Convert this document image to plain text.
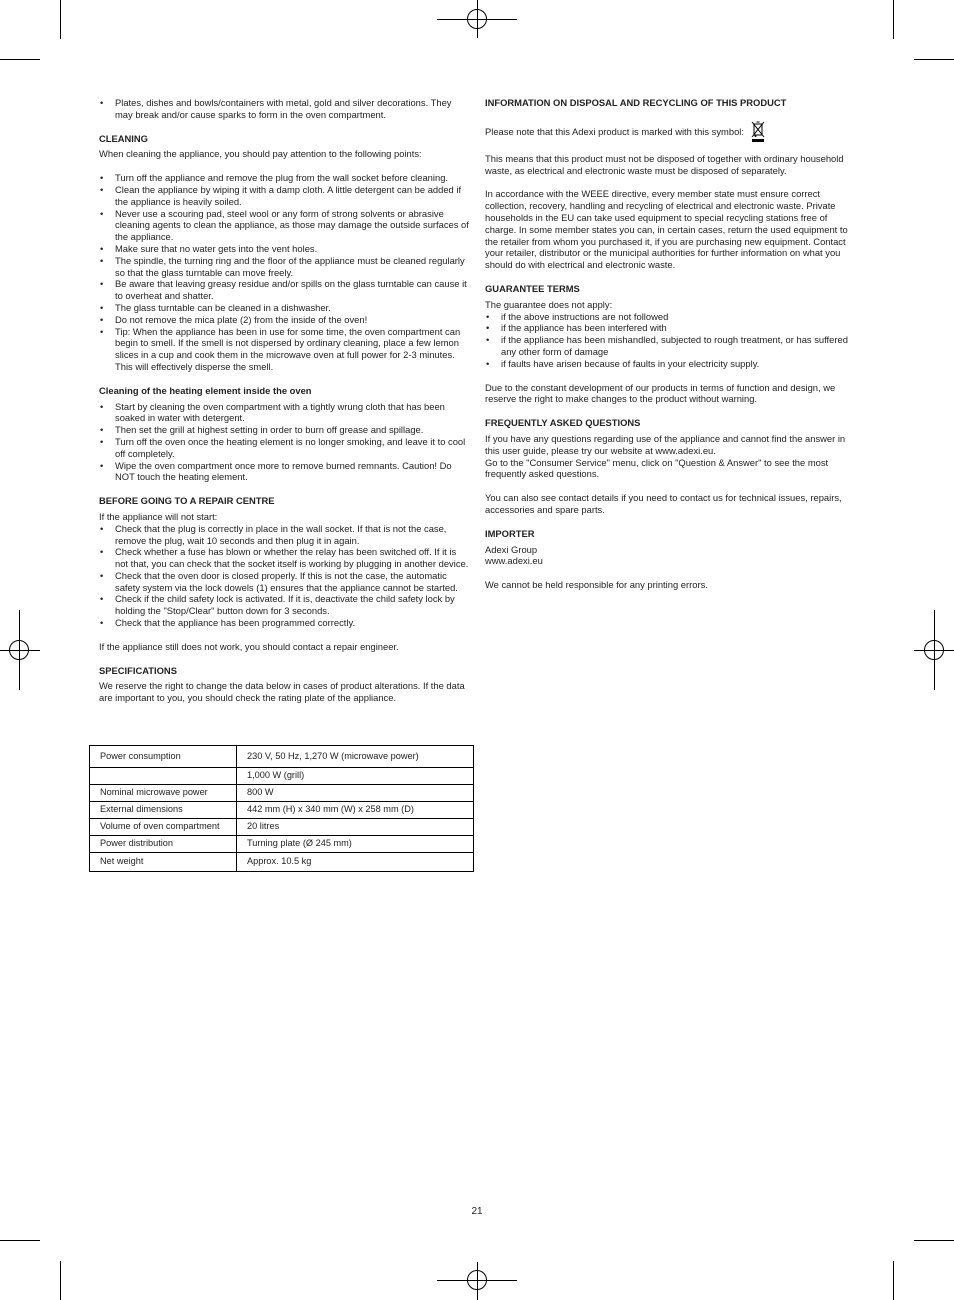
• Plates, dishes and bowls/containers with metal, gold and silver decorations. They may break and/or cause sparks to form in the oven compartment.

CLEANING

When cleaning the appliance, you should pay attention to the following points:

• Turn off the appliance and remove the plug from the wall socket before cleaning.
• Clean the appliance by wiping it with a damp cloth. A little detergent can be added if the appliance is heavily soiled.
• Never use a scouring pad, steel wool or any form of strong solvents or abrasive cleaning agents to clean the appliance, as those may damage the outside surfaces of the appliance.
• Make sure that no water gets into the vent holes.
• The spindle, the turning ring and the floor of the appliance must be cleaned regularly so that the glass turntable can move freely.
• Be aware that leaving greasy residue and/or spills on the glass turntable can cause it to overheat and shatter.
• The glass turntable can be cleaned in a dishwasher.
• Do not remove the mica plate (2) from the inside of the oven!
• Tip: When the appliance has been in use for some time, the oven compartment can begin to smell. If the smell is not dispersed by ordinary cleaning, place a few lemon slices in a cup and cook them in the microwave oven at full power for 2-3 minutes. This will effectively disperse the smell.

Cleaning of the heating element inside the oven

• Start by cleaning the oven compartment with a tightly wrung cloth that has been soaked in water with detergent.
• Then set the grill at highest setting in order to burn off grease and spillage.
• Turn off the oven once the heating element is no longer smoking, and leave it to cool off completely.
• Wipe the oven compartment once more to remove burned remnants. Caution! Do NOT touch the heating element.

BEFORE GOING TO A REPAIR CENTRE

If the appliance will not start:

• Check that the plug is correctly in place in the wall socket. If that is not the case, remove the plug, wait 10 seconds and then plug it in again.
• Check whether a fuse has blown or whether the relay has been switched off. If it is not that, you can check that the socket itself is working by plugging in another device.
• Check that the oven door is closed properly. If this is not the case, the automatic safety system via the lock dowels (1) ensures that the appliance cannot be started.
• Check if the child safety lock is activated. If it is, deactivate the child safety lock by holding the "Stop/Clear" button down for 3 seconds.
• Check that the appliance has been programmed correctly.

If the appliance still does not work, you should contact a repair engineer.

SPECIFICATIONS

We reserve the right to change the data below in cases of product alterations. If the data are important to you, you should check the rating plate of the appliance.

Power consumption	230 V, 50 Hz, 1,270 W (microwave power)
	1,000 W (grill)
Nominal microwave power	800 W
External dimensions	442 mm (H) x 340 mm (W) x 258 mm (D)
Volume of oven compartment	20 litres
Power distribution	Turning plate (Ø 245 mm)
Net weight	Approx. 10.5 kg

INFORMATION ON DISPOSAL AND RECYCLING OF THIS PRODUCT

Please note that this Adexi product is marked with this symbol:

This means that this product must not be disposed of together with ordinary household waste, as electrical and electronic waste must be disposed of separately.

In accordance with the WEEE directive, every member state must ensure correct collection, recovery, handling and recycling of electrical and electronic waste. Private households in the EU can take used equipment to special recycling stations free of charge. In some member states you can, in certain cases, return the used equipment to the retailer from whom you purchased it, if you are purchasing new equipment. Contact your retailer, distributor or the municipal authorities for further information on what you should do with electrical and electronic waste.

GUARANTEE TERMS

The guarantee does not apply:

• if the above instructions are not followed
• if the appliance has been interfered with
• if the appliance has been mishandled, subjected to rough treatment, or has suffered any other form of damage
• if faults have arisen because of faults in your electricity supply.

Due to the constant development of our products in terms of function and design, we reserve the right to make changes to the product without warning.

FREQUENTLY ASKED QUESTIONS

If you have any questions regarding use of the appliance and cannot find the answer in this user guide, please try our website at www.adexi.eu.

Go to the "Consumer Service" menu, click on "Question & Answer" to see the most frequently asked questions.

You can also see contact details if you need to contact us for technical issues, repairs, accessories and spare parts.

IMPORTER

Adexi Group

www.adexi.eu

We cannot be held responsible for any printing errors.

21
